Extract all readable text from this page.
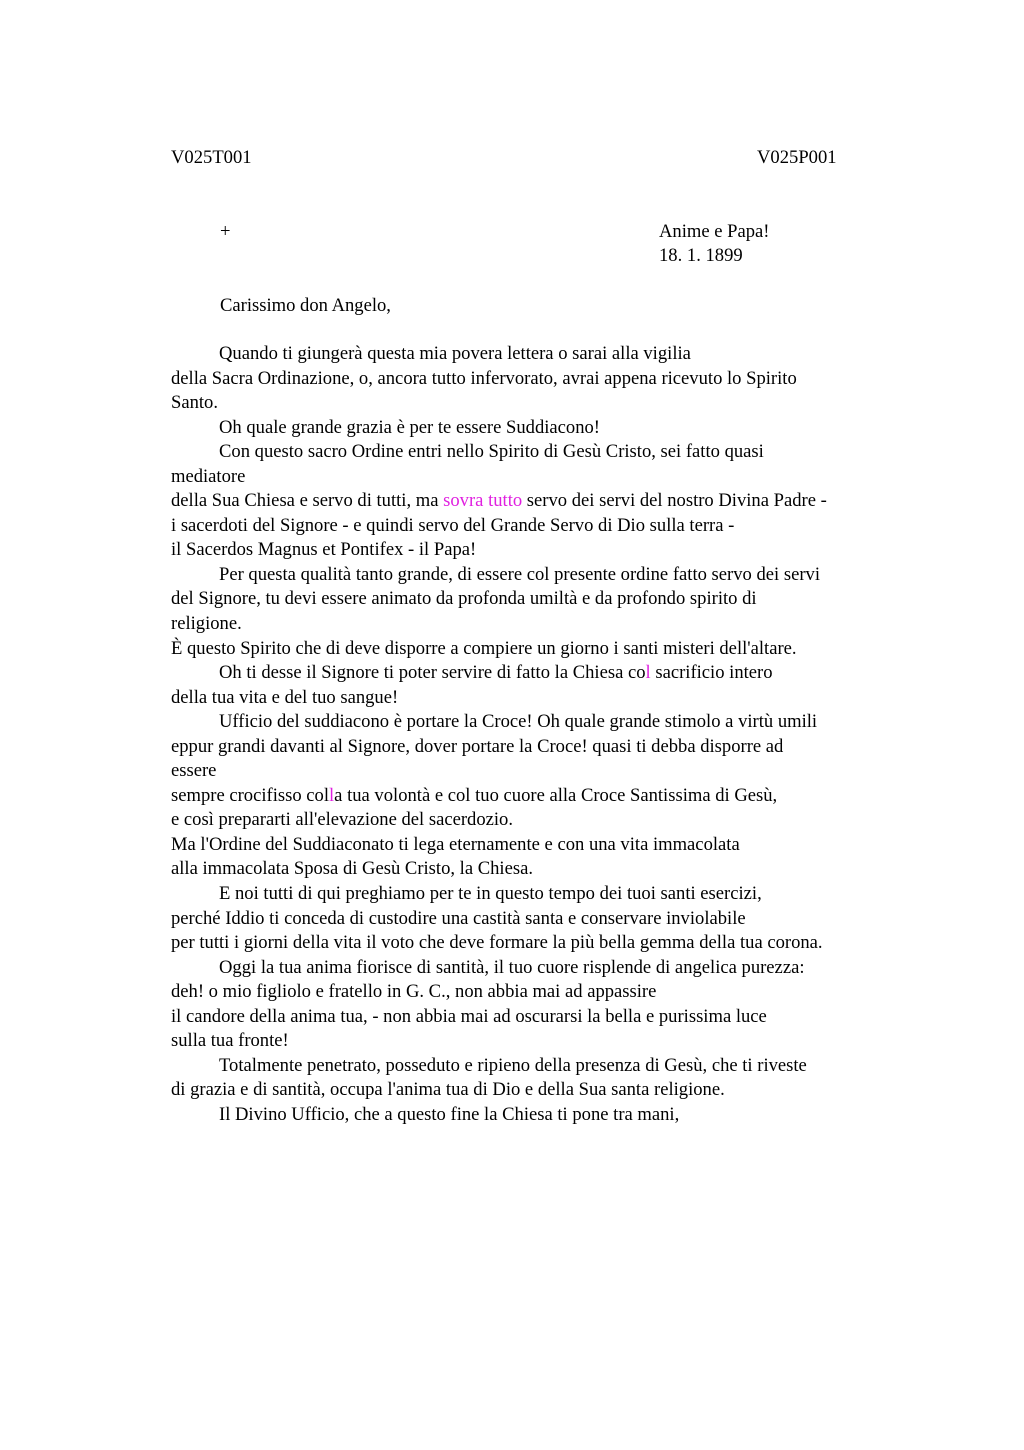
V025T001	V025P001
+	Anime e Papa!
18. 1. 1899
Carissimo don Angelo,
Quando ti giungerà questa mia povera lettera o sarai alla vigilia
della Sacra Ordinazione, o, ancora tutto infervorato, avrai appena ricevuto lo Spirito
Santo.
Oh quale grande grazia è per te essere Suddiacono!
Con questo sacro Ordine entri nello Spirito di Gesù Cristo, sei fatto quasi
mediatore
della Sua Chiesa e servo di tutti, ma sovra tutto servo dei servi del nostro Divina Padre -
i sacerdoti del Signore - e quindi servo del Grande Servo di Dio sulla terra -
il Sacerdos Magnus et Pontifex - il Papa!
Per questa qualità tanto grande, di essere col presente ordine fatto servo dei servi
del Signore, tu devi essere animato da profonda umiltà e da profondo spirito di
religione.
È questo Spirito che di deve disporre a compiere un giorno i santi misteri dell'altare.
Oh ti desse il Signore ti poter servire di fatto la Chiesa col sacrificio intero
della tua vita e del tuo sangue!
Ufficio del suddiacono è portare la Croce! Oh quale grande stimolo a virtù umili
eppur grandi davanti al Signore, dover portare la Croce! quasi ti debba disporre ad
essere
sempre crocifisso colla tua volontà e col tuo cuore alla Croce Santissima di Gesù,
e così prepararti all'elevazione del sacerdozio.
Ma l'Ordine del Suddiaconato ti lega eternamente e con una vita immacolata
alla immacolata Sposa di Gesù Cristo, la Chiesa.
E noi tutti di qui preghiamo per te in questo tempo dei tuoi santi esercizi,
perché Iddio ti conceda di custodire una castità santa e conservare inviolabile
per tutti i giorni della vita il voto che deve formare la più bella gemma della tua corona.
Oggi la tua anima fiorisce di santità, il tuo cuore risplende di angelica purezza:
deh! o mio figliolo e fratello in G. C., non abbia mai ad appassire
il candore della anima tua, - non abbia mai ad oscurarsi la bella e purissima luce
sulla tua fronte!
Totalmente penetrato, posseduto e ripieno della presenza di Gesù, che ti riveste
di grazia e di santità, occupa l'anima tua di Dio e della Sua santa religione.
Il Divino Ufficio, che a questo fine la Chiesa ti pone tra mani,
